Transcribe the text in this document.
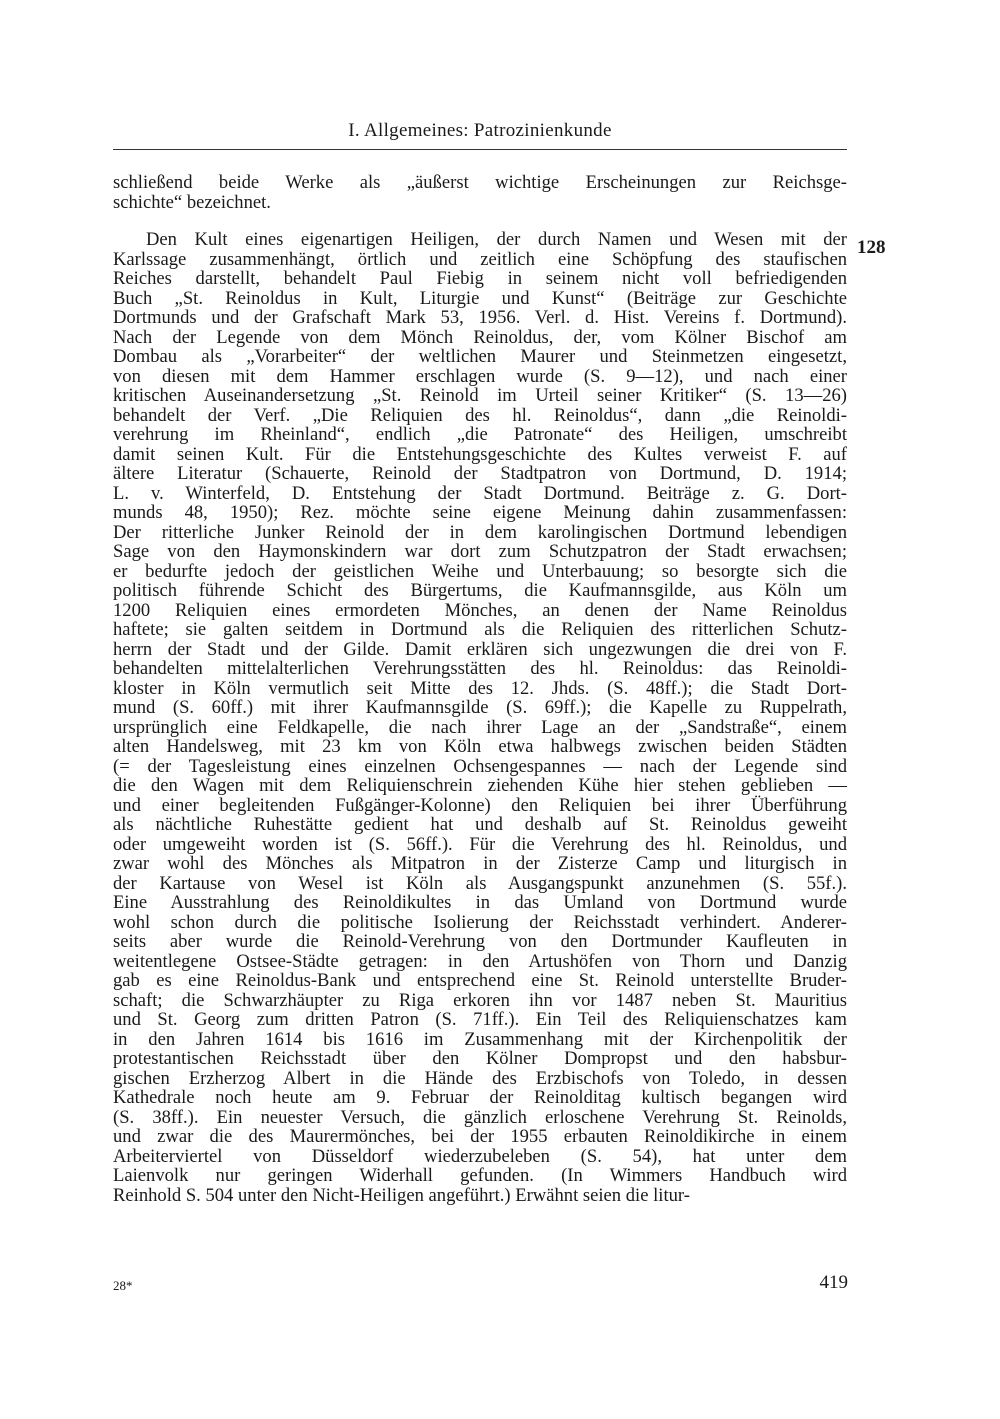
I. Allgemeines: Patrozinienkunde
128
schließend beide Werke als „äußerst wichtige Erscheinungen zur Reichsge-
schichte“ bezeichnet.
Den Kult eines eigenartigen Heiligen, der durch Namen und Wesen mit der
Karlssage zusammenhängt, örtlich und zeitlich eine Schöpfung des staufischen
Reiches darstellt, behandelt Paul Fiebig in seinem nicht voll befriedigenden
Buch „St. Reinoldus in Kult, Liturgie und Kunst“ (Beiträge zur Geschichte
Dortmunds und der Grafschaft Mark 53, 1956. Verl. d. Hist. Vereins f. Dortmund).
Nach der Legende von dem Mönch Reinoldus, der, vom Kölner Bischof am
Dombau als „Vorarbeiter“ der weltlichen Maurer und Steinmetzen eingesetzt,
von diesen mit dem Hammer erschlagen wurde (S. 9—12), und nach einer
kritischen Auseinandersetzung „St. Reinold im Urteil seiner Kritiker“ (S. 13—26)
behandelt der Verf. „Die Reliquien des hl. Reinoldus“, dann „die Reinoldi-
verehrung im Rheinland“, endlich „die Patronate“ des Heiligen, umschreibt
damit seinen Kult. Für die Entstehungsgeschichte des Kultes verweist F. auf
ältere Literatur (Schauerte, Reinold der Stadtpatron von Dortmund, D. 1914;
L. v. Winterfeld, D. Entstehung der Stadt Dortmund. Beiträge z. G. Dort-
munds 48, 1950); Rez. möchte seine eigene Meinung dahin zusammenfassen:
Der ritterliche Junker Reinold der in dem karolingischen Dortmund lebendigen
Sage von den Haymonskindern war dort zum Schutzpatron der Stadt erwachsen;
er bedurfte jedoch der geistlichen Weihe und Unterbauung; so besorgte sich die
politisch führende Schicht des Bürgertums, die Kaufmannsgilde, aus Köln um
1200 Reliquien eines ermordeten Mönches, an denen der Name Reinoldus
haftete; sie galten seitdem in Dortmund als die Reliquien des ritterlichen Schutz-
herrn der Stadt und der Gilde. Damit erklären sich ungezwungen die drei von F.
behandelten mittelalterlichen Verehrungsstätten des hl. Reinoldus: das Reinoldi-
kloster in Köln vermutlich seit Mitte des 12. Jhds. (S. 48ff.); die Stadt Dort-
mund (S. 60ff.) mit ihrer Kaufmannsgilde (S. 69ff.); die Kapelle zu Ruppelrath,
ursprünglich eine Feldkapelle, die nach ihrer Lage an der „Sandstraße“, einem
alten Handelsweg, mit 23 km von Köln etwa halbwegs zwischen beiden Städten
(= der Tagesleistung eines einzelnen Ochsengespannes — nach der Legende sind
die den Wagen mit dem Reliquienschrein ziehenden Kühe hier stehen geblieben —
und einer begleitenden Fußgänger-Kolonne) den Reliquien bei ihrer Überführung
als nächtliche Ruhestätte gedient hat und deshalb auf St. Reinoldus geweiht
oder umgeweiht worden ist (S. 56ff.). Für die Verehrung des hl. Reinoldus, und
zwar wohl des Mönches als Mitpatron in der Zisterze Camp und liturgisch in
der Kartause von Wesel ist Köln als Ausgangspunkt anzunehmen (S. 55f.).
Eine Ausstrahlung des Reinoldikultes in das Umland von Dortmund wurde
wohl schon durch die politische Isolierung der Reichsstadt verhindert. Anderer-
seits aber wurde die Reinold-Verehrung von den Dortmunder Kaufleuten in
weitentlegene Ostsee-Städte getragen: in den Artushöfen von Thorn und Danzig
gab es eine Reinoldus-Bank und entsprechend eine St. Reinold unterstellte Bruder-
schaft; die Schwarzhäupter zu Riga erkoren ihn vor 1487 neben St. Mauritius
und St. Georg zum dritten Patron (S. 71ff.). Ein Teil des Reliquienschatzes kam
in den Jahren 1614 bis 1616 im Zusammenhang mit der Kirchenpolitik der
protestantischen Reichsstadt über den Kölner Dompropst und den habsbur-
gischen Erzherzog Albert in die Hände des Erzbischofs von Toledo, in dessen
Kathedrale noch heute am 9. Februar der Reinolditag kultisch begangen wird
(S. 38ff.). Ein neuester Versuch, die gänzlich erloschene Verehrung St. Reinolds,
und zwar die des Maurermönches, bei der 1955 erbauten Reinoldikirche in einem
Arbeiterviertel von Düsseldorf wiederzubeleben (S. 54), hat unter dem
Laienvolk nur geringen Widerhall gefunden. (In Wimmers Handbuch wird
Reinhold S. 504 unter den Nicht-Heiligen angeführt.) Erwähnt seien die litur-
28*	419
